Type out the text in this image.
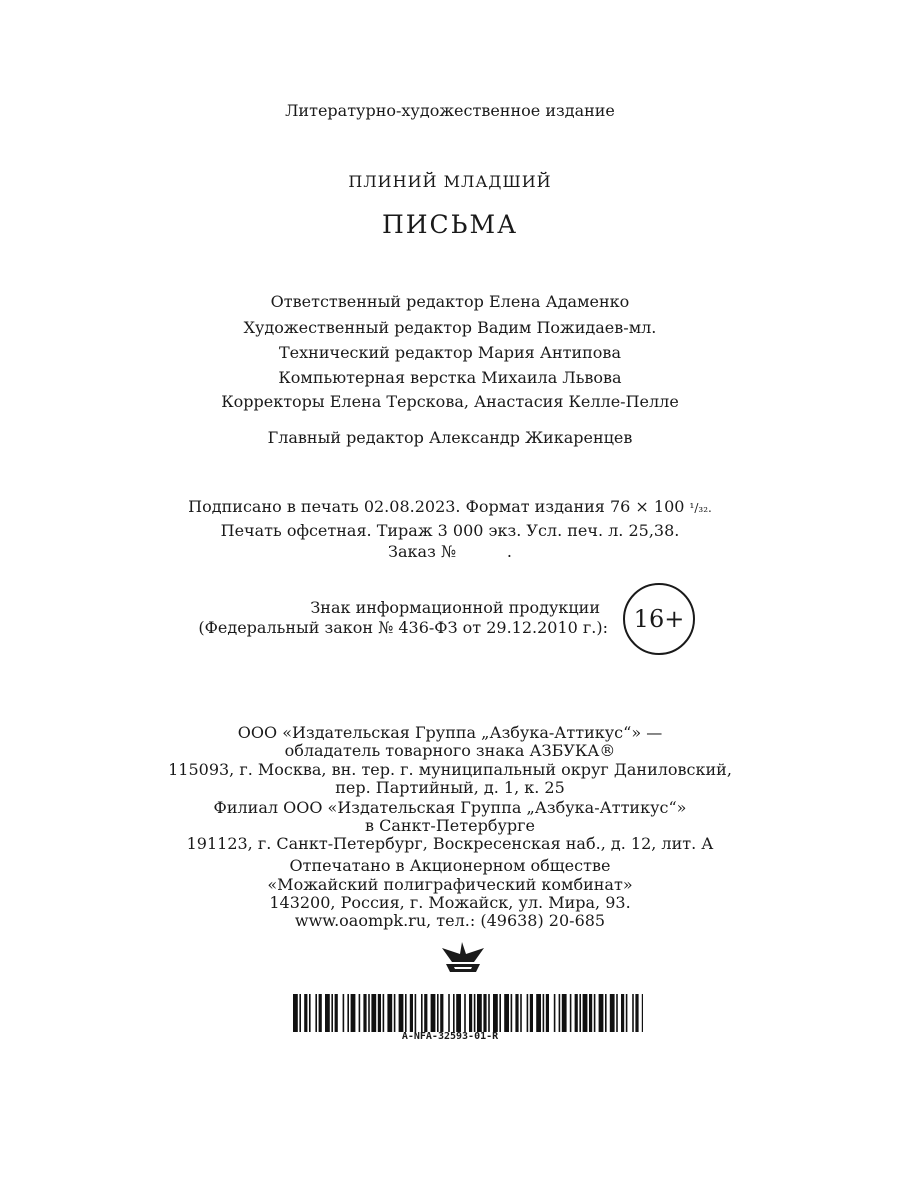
Литературно-художественное издание
ПЛИНИЙ МЛАДШИЙ
ПИСЬМА
Ответственный редактор Елена Адаменко
Художественный редактор Вадим Пожидаев-мл.
Технический редактор Мария Антипова
Компьютерная верстка Михаила Львова
Корректоры Елена Терскова, Анастасия Келле-Пелле
Главный редактор Александр Жикаренцев
Подписано в печать 02.08.2023. Формат издания 76 × 100 ¹/₃₂.
Печать офсетная. Тираж 3 000 экз. Усл. печ. л. 25,38.
Заказ №          .
Знак информационной продукции
(Федеральный закон № 436-ФЗ от 29.12.2010 г.): 16+
ООО «Издательская Группа „Азбука-Аттикус“» —
обладатель товарного знака АЗБУКА®
115093, г. Москва, вн. тер. г. муниципальный округ Даниловский,
пер. Партийный, д. 1, к. 25
Филиал ООО «Издательская Группа „Азбука-Аттикус“»
в Санкт-Петербурге
191123, г. Санкт-Петербург, Воскресенская наб., д. 12, лит. А
Отпечатано в Акционерном обществе
«Можайский полиграфический комбинат»
143200, Россия, г. Можайск, ул. Мира, 93.
www.oaompk.ru, тел.: (49638) 20-685
A-NFA-32593-01-R
